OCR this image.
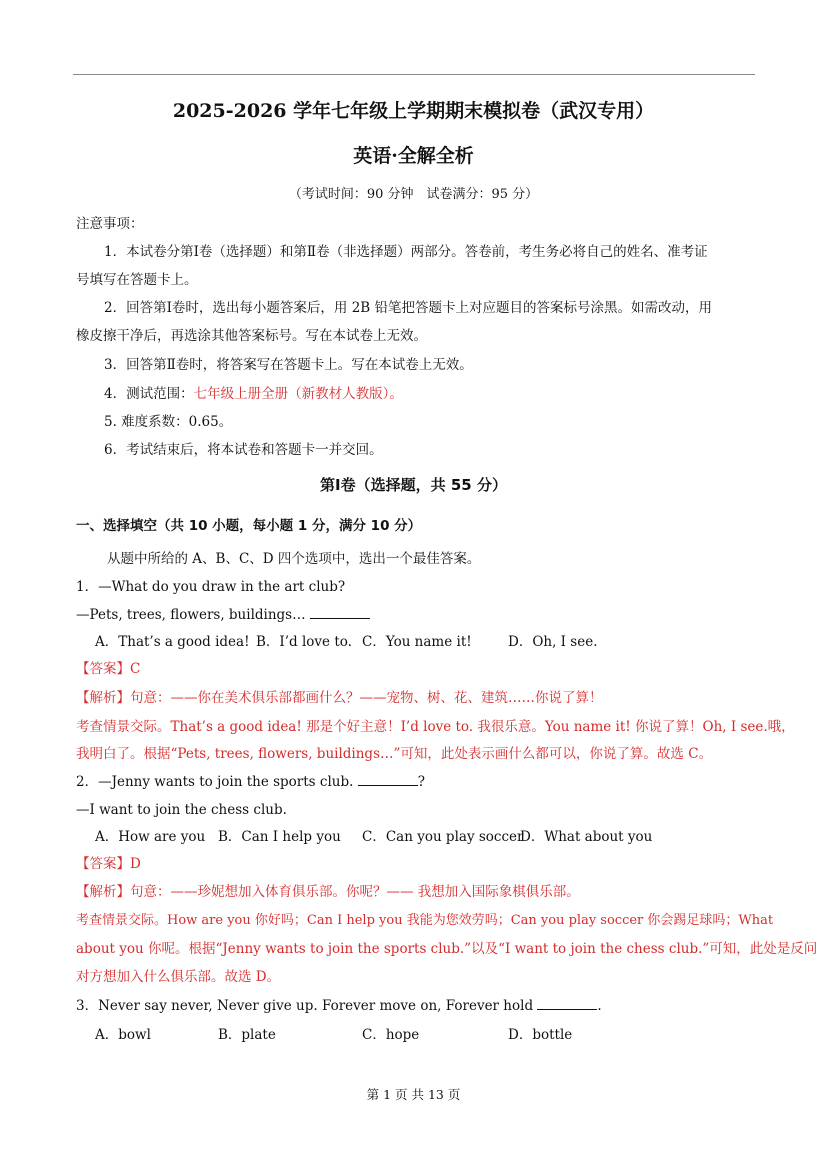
2025-2026 学年七年级上学期期末模拟卷（武汉专用）
英语·全解全析
（考试时间：90 分钟　试卷满分：95 分）
注意事项：
1．本试卷分第Ⅰ卷（选择题）和第Ⅱ卷（非选择题）两部分。答卷前，考生务必将自己的姓名、准考证
号填写在答题卡上。
2．回答第Ⅰ卷时，选出每小题答案后，用 2B 铅笔把答题卡上对应题目的答案标号涂黑。如需改动，用
橡皮擦干净后，再选涂其他答案标号。写在本试卷上无效。
3．回答第Ⅱ卷时，将答案写在答题卡上。写在本试卷上无效。
4．测试范围：七年级上册全册（新教材人教版）。
5. 难度系数：0.65。
6．考试结束后，将本试卷和答题卡一并交回。
第Ⅰ卷（选择题，共 55 分）
一、选择填空（共 10 小题，每小题 1 分，满分 10 分）
从题中所给的 A、B、C、D 四个选项中，选出一个最佳答案。
1．—What do you draw in the art club?
—Pets, trees, flowers, buildings…
A．That’s a good idea! B．I’d love to. C．You name it!	D．Oh, I see.
【答案】C
【解析】句意：——你在美术俱乐部都画什么？——宠物、树、花、建筑……你说了算！
考查情景交际。That’s a good idea! 那是个好主意！I’d love to. 我很乐意。You name it! 你说了算！Oh, I see.哦，
我明白了。根据“Pets, trees, flowers, buildings…”可知，此处表示画什么都可以，你说了算。故选 C。
2．—Jenny wants to join the sports club.	?
—I want to join the chess club.
A．How are you B．Can I help you C．Can you play soccer
D．What about you
【答案】D
【解析】句意：——珍妮想加入体育俱乐部。你呢？—— 我想加入国际象棋俱乐部。
考查情景交际。How are you 你好吗；Can I help you 我能为您效劳吗；Can you play soccer 你会踢足球吗；What
about you 你呢。根据“Jenny wants to join the sports club.”以及“I want to join the chess club.”可知，此处是反问
对方想加入什么俱乐部。故选 D。
3．Never say never, Never give up. Forever move on, Forever hold	.
A．bowl	B．plate	C．hope	D．bottle
第 1 页 共 13 页
